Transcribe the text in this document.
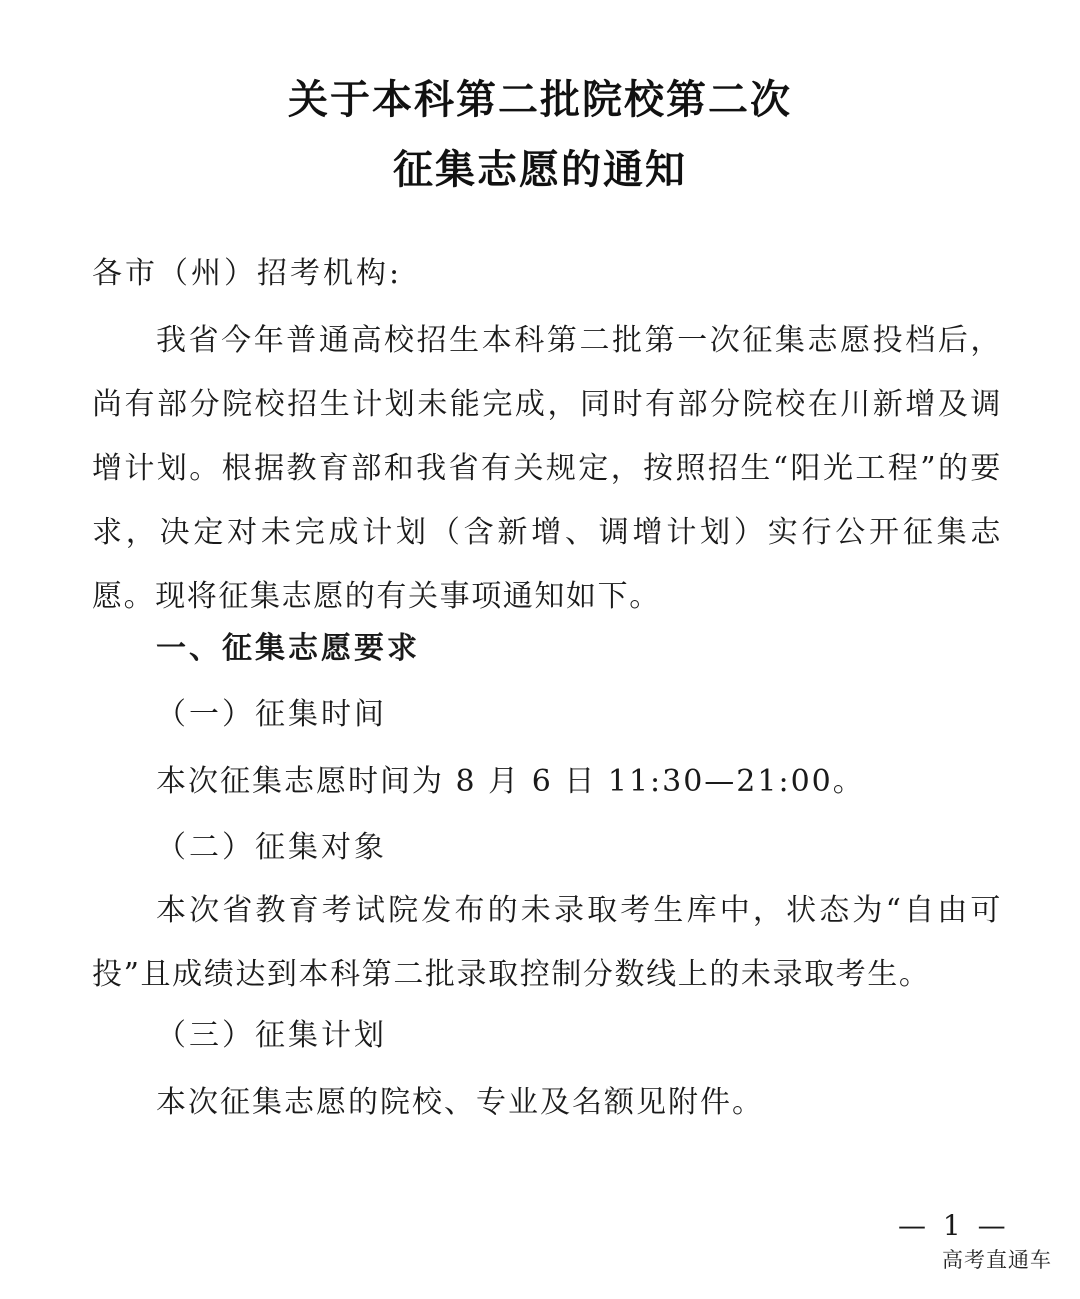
关于本科第二批院校第二次
征集志愿的通知
各市（州）招考机构:
我省今年普通高校招生本科第二批第一次征集志愿投档后，尚有部分院校招生计划未能完成，同时有部分院校在川新增及调增计划。根据教育部和我省有关规定，按照招生“阳光工程”的要求，决定对未完成计划（含新增、调增计划）实行公开征集志愿。现将征集志愿的有关事项通知如下。
一、征集志愿要求
（一）征集时间
本次征集志愿时间为 8 月 6 日 11:30—21:00。
（二）征集对象
本次省教育考试院发布的未录取考生库中，状态为“自由可投”且成绩达到本科第二批录取控制分数线上的未录取考生。
（三）征集计划
本次征集志愿的院校、专业及名额见附件。
— 1 —
高考直通车
